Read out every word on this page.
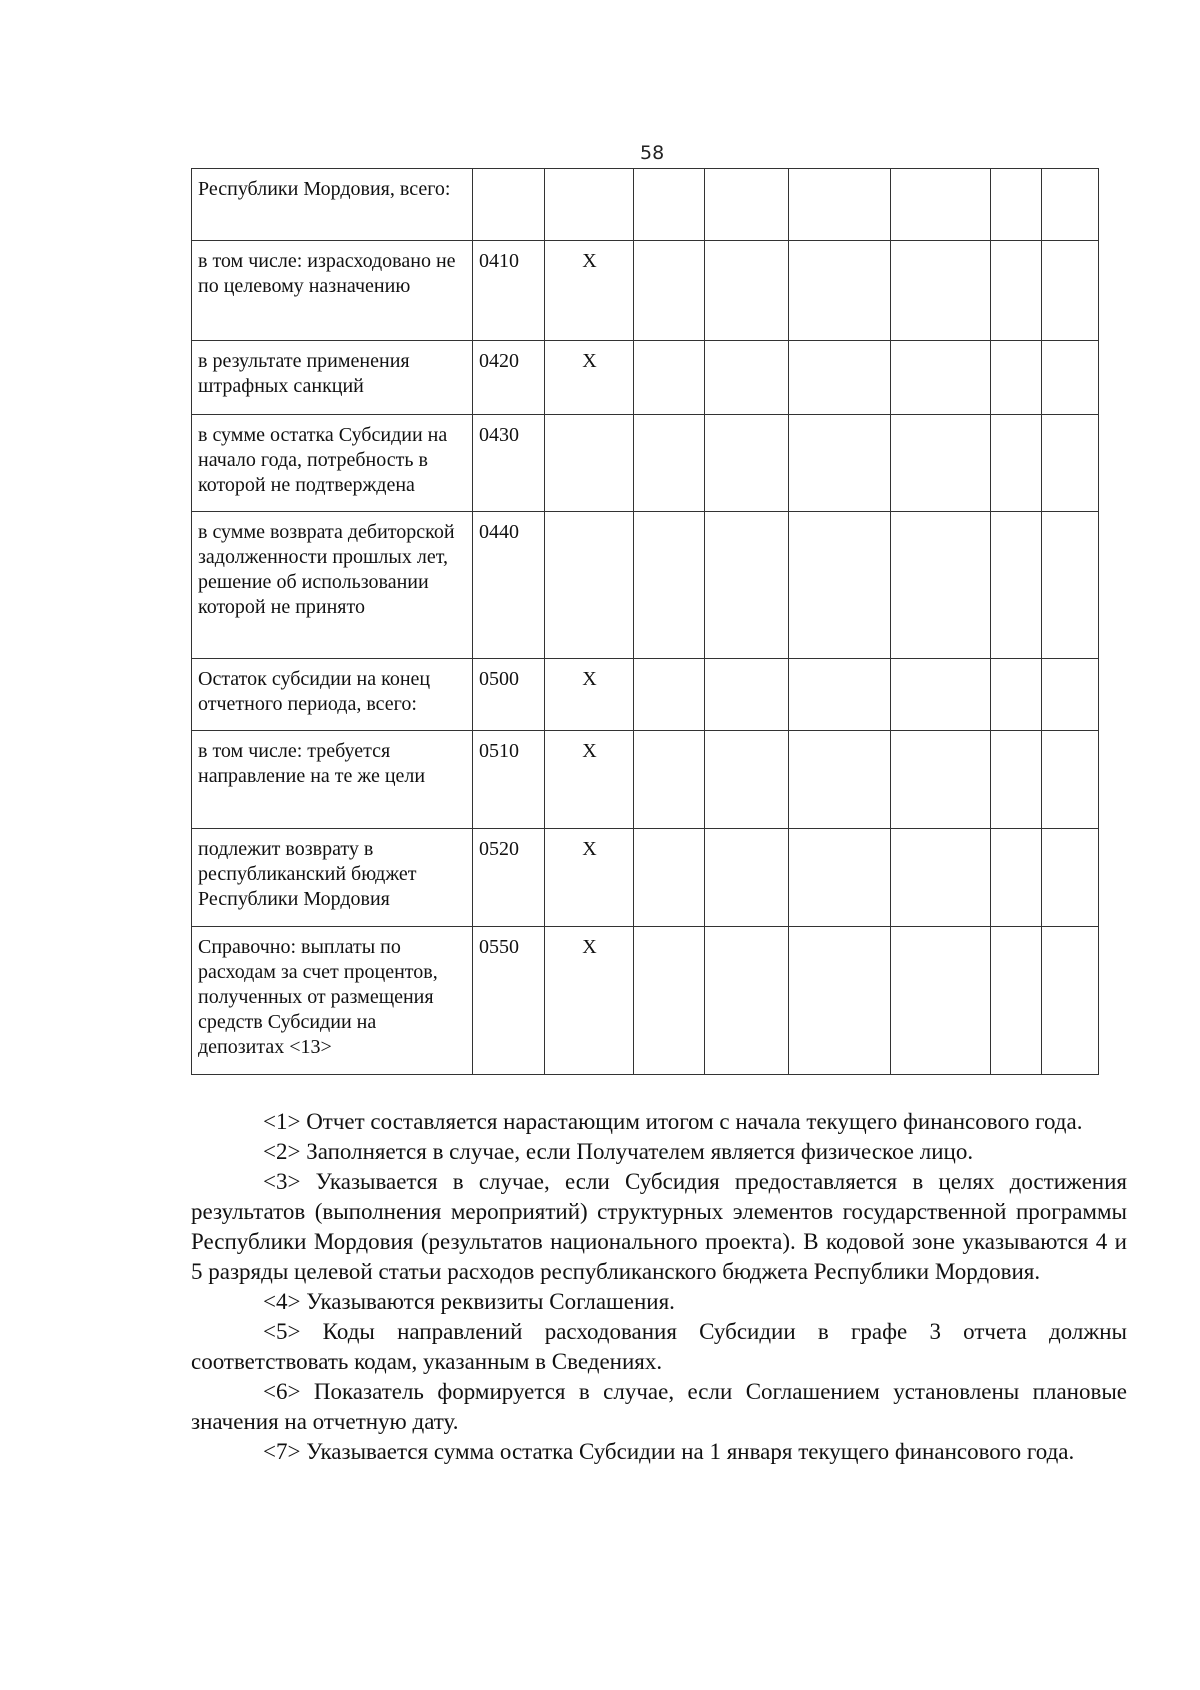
58
Республики Мордовия, всего:								
в том числе: израсходовано не по целевому назначению	0410	X						
в результате применения штрафных санкций	0420	X						
в сумме остатка Субсидии на начало года, потребность в которой не подтверждена	0430							
в сумме возврата дебиторской задолженности прошлых лет, решение об использовании которой не принято	0440							
Остаток субсидии на конец отчетного периода, всего:	0500	X						
в том числе: требуется направление на те же цели	0510	X						
подлежит возврату в республиканский бюджет Республики Мордовия	0520	X						
Справочно: выплаты по расходам за счет процентов, полученных от размещения средств Субсидии на депозитах <13>	0550	X						

<1> Отчет составляется нарастающим итогом с начала текущего финансового года.

<2> Заполняется в случае, если Получателем является физическое лицо.

<3> Указывается в случае, если Субсидия предоставляется в целях достижения результатов (выполнения мероприятий) структурных элементов государственной программы Республики Мордовия (результатов национального проекта). В кодовой зоне указываются 4 и 5 разряды целевой статьи расходов республиканского бюджета Республики Мордовия.

<4> Указываются реквизиты Соглашения.

<5> Коды направлений расходования Субсидии в графе 3 отчета должны соответствовать кодам, указанным в Сведениях.

<6> Показатель формируется в случае, если Соглашением установлены плановые значения на отчетную дату.

<7> Указывается сумма остатка Субсидии на 1 января текущего финансового года.
